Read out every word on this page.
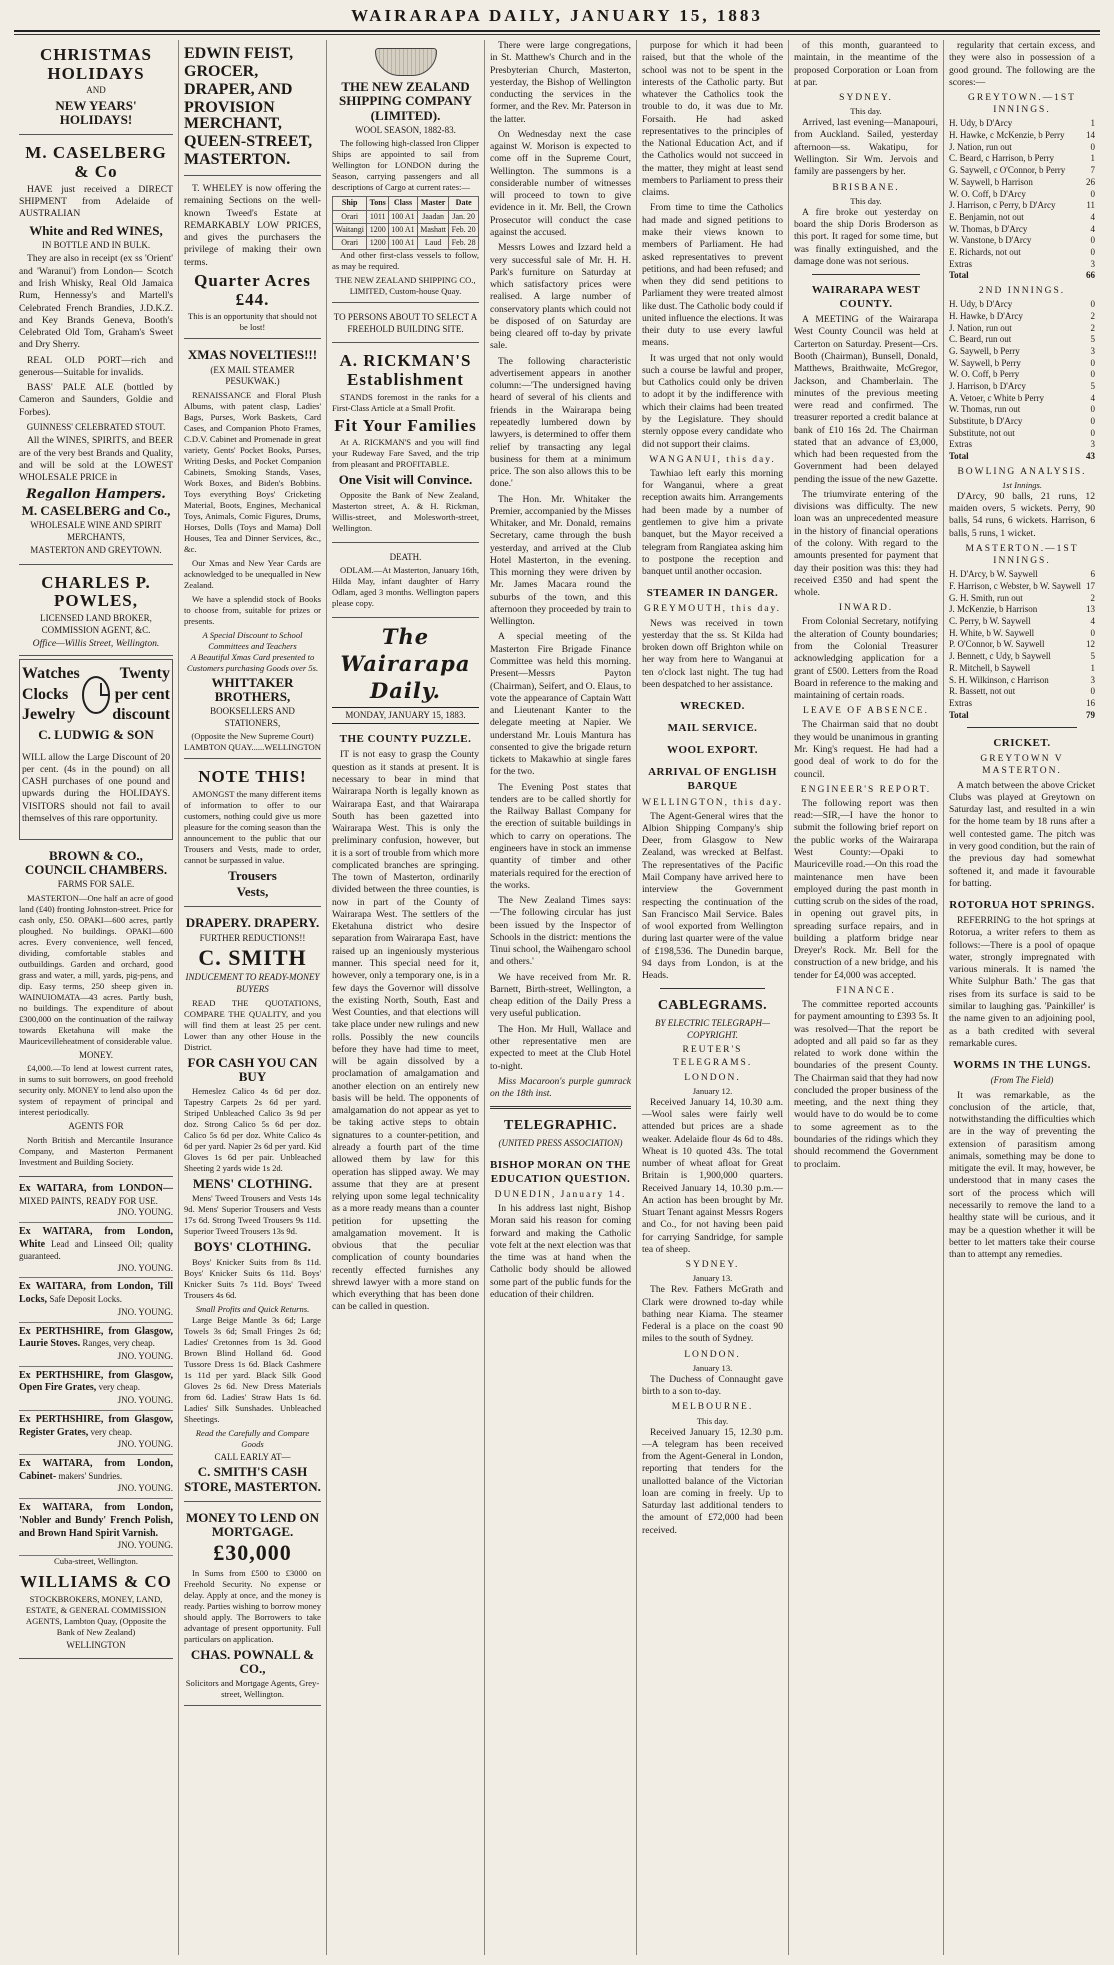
WAIRARAPA DAILY, JANUARY 15, 1883
CHRISTMAS HOLIDAYS
AND
NEW YEARS' HOLIDAYS!
M. CASELBERG & Co

HAVE just received a DIRECT SHIPMENT from Adelaide of AUSTRALIAN

White and Red WINES,
IN BOTTLE AND IN BULK.

They are also in receipt (ex ss 'Orient' and 'Waranui') from London— Scotch and Irish Whisky, Real Old Jamaica Rum, Hennessy's and Martell's Celebrated French Brandies, J.D.K.Z. and Key Brands Geneva, Booth's Celebrated Old Tom, Graham's Sweet and Dry Sherry.

REAL OLD PORT—rich and generous—Suitable for invalids.

BASS' PALE ALE (bottled by Cameron and Saunders, Goldie and Forbes).

GUINNESS' CELEBRATED STOUT.

All the WINES, SPIRITS, and BEER are of the very best Brands and Quality, and will be sold at the LOWEST WHOLESALE PRICE in

Regallon Hampers.
M. CASELBERG and Co.,
WHOLESALE WINE AND SPIRIT MERCHANTS,
MASTERTON AND GREYTOWN.
CHARLES P. POWLES,
LICENSED LAND BROKER, COMMISSION AGENT, &C.
Office—Willis Street, Wellington.
Watches
Clocks
Jewelry
Twenty
per cent
discount
C. LUDWIG & SON

WILL allow the Large Discount of 20 per cent. (4s in the pound) on all CASH purchases of one pound and upwards during the HOLIDAYS. VISITORS should not fail to avail themselves of this rare opportunity.

BROWN & CO., COUNCIL CHAMBERS.
FARMS FOR SALE.

MASTERTON—One half an acre of good land (£40) fronting Johnston-street. Price for cash only, £50. OPAKI—600 acres, partly ploughed. No buildings. OPAKI—600 acres. Every convenience, well fenced, dividing, comfortable stables and outbuildings. Garden and orchard, good grass and water, a mill, yards, pig-pens, and dip. Easy terms, 250 sheep given in. WAINUIOMATA—43 acres. Partly bush, no buildings. The expenditure of about £300,000 on the continuation of the railway towards Eketahuna will make the Mauricevilleheatment of considerable value.

MONEY.

£4,000.—To lend at lowest current rates, in sums to suit borrowers, on good freehold security only. MONEY to lend also upon the system of repayment of principal and interest periodically.

AGENTS FOR

North British and Mercantile Insurance Company, and Masterton Permanent Investment and Building Society.

Ex WAITARA, from LONDON— MIXED PAINTS, READY FOR USE.
JNO. YOUNG.
Ex WAITARA, from London, White Lead and Linseed Oil; quality guaranteed.
JNO. YOUNG.
Ex WAITARA, from London, Till Locks, Safe Deposit Locks.
JNO. YOUNG.
Ex PERTHSHIRE, from Glasgow, Laurie Stoves. Ranges, very cheap.
JNO. YOUNG.
Ex PERTHSHIRE, from Glasgow, Open Fire Grates, very cheap.
JNO. YOUNG.
Ex PERTHSHIRE, from Glasgow, Register Grates, very cheap.
JNO. YOUNG.
Ex WAITARA, from London, Cabinet- makers' Sundries.
JNO. YOUNG.
Ex WAITARA, from London, 'Nobler and Bundy' French Polish, and Brown Hand Spirit Varnish.
JNO. YOUNG.
Cuba-street, Wellington.
WILLIAMS & CO
STOCKBROKERS, MONEY, LAND, ESTATE, & GENERAL COMMISSION AGENTS, Lambton Quay, (Opposite the Bank of New Zealand)
WELLINGTON
EDWIN FEIST,
GROCER,
DRAPER, AND
PROVISION MERCHANT,
QUEEN-STREET,
MASTERTON.

T. WHELEY is now offering the remaining Sections on the well-known Tweed's Estate at REMARKABLY LOW PRICES, and gives the purchasers the privilege of making their own terms.

Quarter Acres £44.
This is an opportunity that should not be lost!
XMAS NOVELTIES!!!
(EX MAIL STEAMER PESUKWAK.)

RENAISSANCE and Floral Plush Albums, with patent clasp, Ladies' Bags, Purses, Work Baskets, Card Cases, and Companion Photo Frames, C.D.V. Cabinet and Promenade in great variety, Gents' Pocket Books, Purses, Writing Desks, and Pocket Companion Cabinets, Smoking Stands, Vases, Work Boxes, and Biden's Bobbins. Toys everything Boys' Cricketing Material, Boots, Engines, Mechanical Toys, Animals, Comic Figures, Drums, Horses, Dolls (Toys and Mama) Doll Houses, Tea and Dinner Services, &c., &c.

Our Xmas and New Year Cards are acknowledged to be unequalled in New Zealand.

We have a splendid stock of Books to choose from, suitable for prizes or presents.

A Special Discount to School Committees and Teachers
A Beautiful Xmas Card presented to Customers purchasing Goods over 5s.
WHITTAKER BROTHERS,
BOOKSELLERS AND STATIONERS,
(Opposite the New Supreme Court) LAMBTON QUAY......WELLINGTON
NOTE THIS!

AMONGST the many different items of information to offer to our customers, nothing could give us more pleasure for the coming season than the announcement to the public that our Trousers and Vests, made to order, cannot be surpassed in value.

Trousers
Vests,
DRAPERY. DRAPERY.
FURTHER REDUCTIONS!!
C. SMITH
INDUCEMENT TO READY-MONEY BUYERS

READ THE QUOTATIONS, COMPARE THE QUALITY, and you will find them at least 25 per cent. Lower than any other House in the District.

FOR CASH YOU CAN BUY

Hemeslez Calico 4s 6d per doz. Tapestry Carpets 2s 6d per yard. Striped Unbleached Calico 3s 9d per doz. Strong Calico 5s 6d per doz. Calico 5s 6d per doz. White Calico 4s 6d per yard. Napier 2s 6d per yard. Kid Gloves 1s 6d per pair. Unbleached Sheeting 2 yards wide 1s 2d.

MENS' CLOTHING.

Mens' Tweed Trousers and Vests 14s 9d. Mens' Superior Trousers and Vests 17s 6d. Strong Tweed Trousers 9s 11d. Superior Tweed Trousers 13s 9d.

BOYS' CLOTHING.

Boys' Knicker Suits from 8s 11d. Boys' Knicker Suits 6s 11d. Boys' Knicker Suits 7s 11d. Boys' Tweed Trousers 4s 6d.

Small Profits and Quick Returns.

Large Beige Mantle 3s 6d; Large Towels 3s 6d; Small Fringes 2s 6d; Ladies' Cretonnes from 1s 3d. Good Brown Blind Holland 6d. Good Tussore Dress 1s 6d. Black Cashmere 1s 11d per yard. Black Silk Good Gloves 2s 6d. New Dress Materials from 6d. Ladies' Straw Hats 1s 6d. Ladies' Silk Sunshades. Unbleached Sheetings.

Read the Carefully and Compare Goods
CALL EARLY AT—
C. SMITH'S CASH STORE, MASTERTON.
MONEY TO LEND ON MORTGAGE.
£30,000

In Sums from £500 to £3000 on Freehold Security. No expense or delay. Apply at once, and the money is ready. Parties wishing to borrow money should apply. The Borrowers to take advantage of present opportunity. Full particulars on application.

CHAS. POWNALL & CO.,
Solicitors and Mortgage Agents, Grey-street, Wellington.
THE NEW ZEALAND SHIPPING COMPANY (LIMITED).
WOOL SEASON, 1882-83.

The following high-classed Iron Clipper Ships are appointed to sail from Wellington for LONDON during the Season, carrying passengers and all descriptions of Cargo at current rates:—

Ship	Tons	Class	Master	Date
Orari	1011	100 A1	Jaadan	Jan. 20
Waitangi	1200	100 A1	Mashatt	Feb. 20
Orari	1200	100 A1	Laud	Feb. 28

And other first-class vessels to follow, as may be required.

THE NEW ZEALAND SHIPPING CO., LIMITED, Custom-house Quay.
TO PERSONS ABOUT TO SELECT A FREEHOLD BUILDING SITE.
A. RICKMAN'S Establishment

STANDS foremost in the ranks for a First-Class Article at a Small Profit.

Fit Your Families

At A. RICKMAN'S and you will find your Rudeway Fare Saved, and the trip from pleasant and PROFITABLE.

One Visit will Convince.

Opposite the Bank of New Zealand, Masterton street, A. & H. Rickman, Willis-street, and Molesworth-street, Wellington.

DEATH.

ODLAM.—At Masterton, January 16th, Hilda May, infant daughter of Harry Odlam, aged 3 months. Wellington papers please copy.

The Wairarapa Daily.
MONDAY, JANUARY 15, 1883.
THE COUNTY PUZZLE.

IT is not easy to grasp the County question as it stands at present. It is necessary to bear in mind that Wairarapa North is legally known as Wairarapa East, and that Wairarapa South has been gazetted into Wairarapa West. This is only the preliminary confusion, however, but it is a sort of trouble from which more complicated branches are springing. The town of Masterton, ordinarily divided between the three counties, is now in part of the County of Wairarapa West. The settlers of the Eketahuna district who desire separation from Wairarapa East, have raised up an ingeniously mysterious manner. This special need for it, however, only a temporary one, is in a few days the Governor will dissolve the existing North, South, East and West Counties, and that elections will take place under new rulings and new rolls. Possibly the new councils before they have had time to meet, will be again dissolved by a proclamation of amalgamation and another election on an entirely new basis will be held. The opponents of amalgamation do not appear as yet to be taking active steps to obtain signatures to a counter-petition, and already a fourth part of the time allowed them by law for this operation has slipped away. We may assume that they are at present relying upon some legal technicality as a more ready means than a counter petition for upsetting the amalgamation movement. It is obvious that the peculiar complication of county boundaries recently effected furnishes any shrewd lawyer with a more stand on which everything that has been done can be called in question.

There were large congregations, in St. Matthew's Church and in the Presbyterian Church, Masterton, yesterday, the Bishop of Wellington conducting the services in the former, and the Rev. Mr. Paterson in the latter.

On Wednesday next the case against W. Morison is expected to come off in the Supreme Court, Wellington. The summons is a considerable number of witnesses will proceed to town to give evidence in it. Mr. Bell, the Crown Prosecutor will conduct the case against the accused.

Messrs Lowes and Izzard held a very successful sale of Mr. H. H. Park's furniture on Saturday at which satisfactory prices were realised. A large number of conservatory plants which could not be disposed of on Saturday are being cleared off to-day by private sale.

The following characteristic advertisement appears in another column:—'The undersigned having heard of several of his clients and friends in the Wairarapa being repeatedly lumbered down by lawyers, is determined to offer them relief by transacting any legal business for them at a minimum price. The son also allows this to be done.'

The Hon. Mr. Whitaker the Premier, accompanied by the Misses Whitaker, and Mr. Donald, remains Secretary, came through the bush yesterday, and arrived at the Club Hotel Masterton, in the evening. This morning they were driven by Mr. James Macara round the suburbs of the town, and this afternoon they proceeded by train to Wellington.

A special meeting of the Masterton Fire Brigade Finance Committee was held this morning. Present—Messrs Payton (Chairman), Seifert, and O. Elaus, to vote the appearance of Captain Watt and Lieutenant Kanter to the delegate meeting at Napier. We understand Mr. Louis Mantura has consented to give the brigade return tickets to Makawhio at single fares for the two.

The Evening Post states that tenders are to be called shortly for the Railway Ballast Company for the erection of suitable buildings in which to carry on operations. The engineers have in stock an immense quantity of timber and other materials required for the erection of the works.

The New Zealand Times says:—'The following circular has just been issued by the Inspector of Schools in the district: mentions the Tinui school, the Waihengaro school and others.'

We have received from Mr. R. Barnett, Birth-street, Wellington, a cheap edition of the Daily Press a very useful publication.

The Hon. Mr Hull, Wallace and other representative men are expected to meet at the Club Hotel to-night.

Miss Macaroon's purple gumrack on the 18th inst.

TELEGRAPHIC.
(UNITED PRESS ASSOCIATION)
BISHOP MORAN ON THE EDUCATION QUESTION.
DUNEDIN, January 14.

In his address last night, Bishop Moran said his reason for coming forward and making the Catholic vote felt at the next election was that the time was at hand when the Catholic body should be allowed some part of the public funds for the education of their children.

purpose for which it had been raised, but that the whole of the school was not to be spent in the interests of the Catholic party. But whatever the Catholics took the trouble to do, it was due to Mr. Forsaith. He had asked representatives to the principles of the National Education Act, and if the Catholics would not succeed in the matter, they might at least send members to Parliament to press their claims.

From time to time the Catholics had made and signed petitions to make their views known to members of Parliament. He had asked representatives to prevent petitions, and had been refused; and when they did send petitions to Parliament they were treated almost like dust. The Catholic body could if united influence the elections. It was their duty to use every lawful means.

It was urged that not only would such a course be lawful and proper, but Catholics could only be driven to adopt it by the indifference with which their claims had been treated by the Legislature. They should sternly oppose every candidate who did not support their claims.

WANGANUI, this day.

Tawhiao left early this morning for Wanganui, where a great reception awaits him. Arrangements had been made by a number of gentlemen to give him a private banquet, but the Mayor received a telegram from Rangiatea asking him to postpone the reception and banquet until another occasion.

STEAMER IN DANGER.
GREYMOUTH, this day.

News was received in town yesterday that the ss. St Kilda had broken down off Brighton while on her way from here to Wanganui at ten o'clock last night. The tug had been despatched to her assistance.

WRECKED.
MAIL SERVICE.
WOOL EXPORT.
ARRIVAL OF ENGLISH BARQUE
WELLINGTON, this day.

The Agent-General wires that the Albion Shipping Company's ship Deer, from Glasgow to New Zealand, was wrecked at Belfast. The representatives of the Pacific Mail Company have arrived here to interview the Government respecting the continuation of the San Francisco Mail Service. Bales of wool exported from Wellington during last quarter were of the value of £198,536. The Dunedin barque, 94 days from London, is at the Heads.

CABLEGRAMS.
BY ELECTRIC TELEGRAPH—COPYRIGHT.
REUTER'S TELEGRAMS.
LONDON.
January 12.

Received January 14, 10.30 a.m.—Wool sales were fairly well attended but prices are a shade weaker. Adelaide flour 4s 6d to 48s. Wheat is 10 quoted 43s. The total number of wheat afloat for Great Britain is 1,900,000 quarters. Received January 14, 10.30 p.m.—An action has been brought by Mr. Stuart Tenant against Messrs Rogers and Co., for not having been paid for carrying Sandridge, for sample tea of sheep.

SYDNEY.
January 13.

The Rev. Fathers McGrath and Clark were drowned to-day while bathing near Kiama. The steamer Federal is a place on the coast 90 miles to the south of Sydney.

LONDON.
January 13.

The Duchess of Connaught gave birth to a son to-day.

MELBOURNE.
This day.

Received January 15, 12.30 p.m.—A telegram has been received from the Agent-General in London, reporting that tenders for the unallotted balance of the Victorian loan are coming in freely. Up to Saturday last additional tenders to the amount of £72,000 had been received.

of this month, guaranteed to maintain, in the meantime of the proposed Corporation or Loan from at par.

SYDNEY.
This day.

Arrived, last evening—Manapouri, from Auckland. Sailed, yesterday afternoon—ss. Wakatipu, for Wellington. Sir Wm. Jervois and family are passengers by her.

BRISBANE.
This day.

A fire broke out yesterday on board the ship Doris Broderson as this port. It raged for some time, but was finally extinguished, and the damage done was not serious.

WAIRARAPA WEST COUNTY.

A MEETING of the Wairarapa West County Council was held at Carterton on Saturday. Present—Crs. Booth (Chairman), Bunsell, Donald, Matthews, Braithwaite, McGregor, Jackson, and Chamberlain. The minutes of the previous meeting were read and confirmed. The treasurer reported a credit balance at bank of £10 16s 2d. The Chairman stated that an advance of £3,000, which had been requested from the Government had been delayed pending the issue of the new Gazette.

The triumvirate entering of the divisions was difficulty. The new loan was an unprecedented measure in the history of financial operations of the colony. With regard to the amounts presented for payment that day their position was this: they had received £350 and had spent the whole.

INWARD.

From Colonial Secretary, notifying the alteration of County boundaries; from the Colonial Treasurer acknowledging application for a grant of £500. Letters from the Road Board in reference to the making and maintaining of certain roads.

LEAVE OF ABSENCE.

The Chairman said that no doubt they would be unanimous in granting Mr. King's request. He had had a good deal of work to do for the council.

ENGINEER'S REPORT.

The following report was then read:—SIR,—I have the honor to submit the following brief report on the public works of the Wairarapa West County:—Opaki to Mauriceville road.—On this road the maintenance men have been employed during the past month in cutting scrub on the sides of the road, in opening out gravel pits, in spreading surface repairs, and in building a platform bridge near Dreyer's Rock. Mr. Bell for the construction of a new bridge, and his tender for £4,000 was accepted.

FINANCE.

The committee reported accounts for payment amounting to £393 5s. It was resolved—That the report be adopted and all paid so far as they related to work done within the boundaries of the present County. The Chairman said that they had now concluded the proper business of the meeting, and the next thing they would have to do would be to come to some agreement as to the boundaries of the ridings which they should recommend the Government to proclaim.

regularity that certain excess, and they were also in possession of a good ground. The following are the scores:—

GREYTOWN.—1ST INNINGS.
H. Udy, b D'Arcy	1
H. Hawke, c McKenzie, b Perry	14
J. Nation, run out	0
C. Beard, c Harrison, b Perry	1
G. Saywell, c O'Connor, b Perry	7
W. Saywell, b Harrison	26
W. O. Coff, b D'Arcy	0
J. Harrison, c Perry, b D'Arcy	11
E. Benjamin, not out	4
W. Thomas, b D'Arcy	4
W. Vanstone, b D'Arcy	0
E. Richards, not out	0
Extras	3
Total	66
2ND INNINGS.
H. Udy, b D'Arcy	0
H. Hawke, b D'Arcy	2
J. Nation, run out	2
C. Beard, run out	5
G. Saywell, b Perry	3
W. Saywell, b Perry	0
W. O. Coff, b Perry	0
J. Harrison, b D'Arcy	5
A. Vetoer, c White b Perry	4
W. Thomas, run out	0
Substitute, b D'Arcy	0
Substitute, not out	0
Extras	3
Total	43
BOWLING ANALYSIS.
1st Innings.

D'Arcy, 90 balls, 21 runs, 12 maiden overs, 5 wickets. Perry, 90 balls, 54 runs, 6 wickets. Harrison, 6 balls, 5 runs, 1 wicket.

MASTERTON.—1ST INNINGS.
H. D'Arcy, b W. Saywell	6
F. Harrison, c Webster, b W. Saywell 17
G. H. Smith, run out	2
J. McKenzie, b Harrison	13
C. Perry, b W. Saywell	4
H. White, b W. Saywell	0
P. O'Connor, b W. Saywell	12
J. Bennett, c Udy, b Saywell	5
R. Mitchell, b Saywell	1
S. H. Wilkinson, c Harrison	3
R. Bassett, not out	0
Extras	16
Total	79
CRICKET.
GREYTOWN V MASTERTON.

A match between the above Cricket Clubs was played at Greytown on Saturday last, and resulted in a win for the home team by 18 runs after a well contested game. The pitch was in very good condition, but the rain of the previous day had somewhat softened it, and made it favourable for batting.

ROTORUA HOT SPRINGS.

REFERRING to the hot springs at Rotorua, a writer refers to them as follows:—There is a pool of opaque water, strongly impregnated with various minerals. It is named 'the White Sulphur Bath.' The gas that rises from its surface is said to be similar to laughing gas. 'Painkiller' is the name given to an adjoining pool, as a bath credited with several remarkable cures.

WORMS IN THE LUNGS.
(From The Field)

It was remarkable, as the conclusion of the article, that, notwithstanding the difficulties which are in the way of preventing the extension of parasitism among animals, something may be done to mitigate the evil. It may, however, be understood that in many cases the sort of the process which will necessarily to remove the land to a healthy state will be curious, and it may be a question whether it will be better to let matters take their course than to attempt any remedies.
